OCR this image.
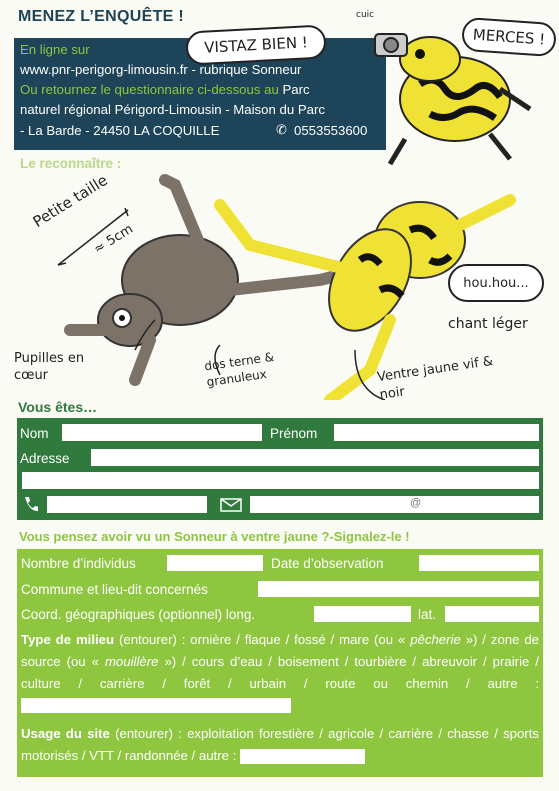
MENEZ L’ENQUÊTE !
En ligne sur
www.pnr-perigorg-limousin.fr - rubrique Sonneur
Ou retournez le questionnaire ci-dessous au Parc
naturel régional Périgord-Limousin - Maison du Parc
- La Barde - 24450 LA COQUILLE	✆ 0553553600
VISTAZ BIEN !	MERCES !
cuic
Le reconnaître :
Petite taille
≈ 5cm
Pupilles en cœur
dos terne & granuleux	Ventre jaune vif & noir
hou.hou...
chant léger
Vous êtes…
Nom	Prénom
Adresse
@
Vous pensez avoir vu un Sonneur à ventre jaune ?-Signalez-le !
Nombre d’individus	Date d’observation
Commune et lieu-dit concernés
Coord. géographiques (optionnel) long.	lat.
Type de milieu (entourer) : ornière / flaque / fossé / mare (ou « pêcherie ») / zone de source (ou « mouillère ») / cours d’eau / boisement / tourbière / abreuvoir / prairie / culture / carrière / forêt / urbain / route ou chemin / autre :
Usage du site (entourer) : exploitation forestière / agricole / carrière / chasse / sports motorisés / VTT / randonnée / autre :
